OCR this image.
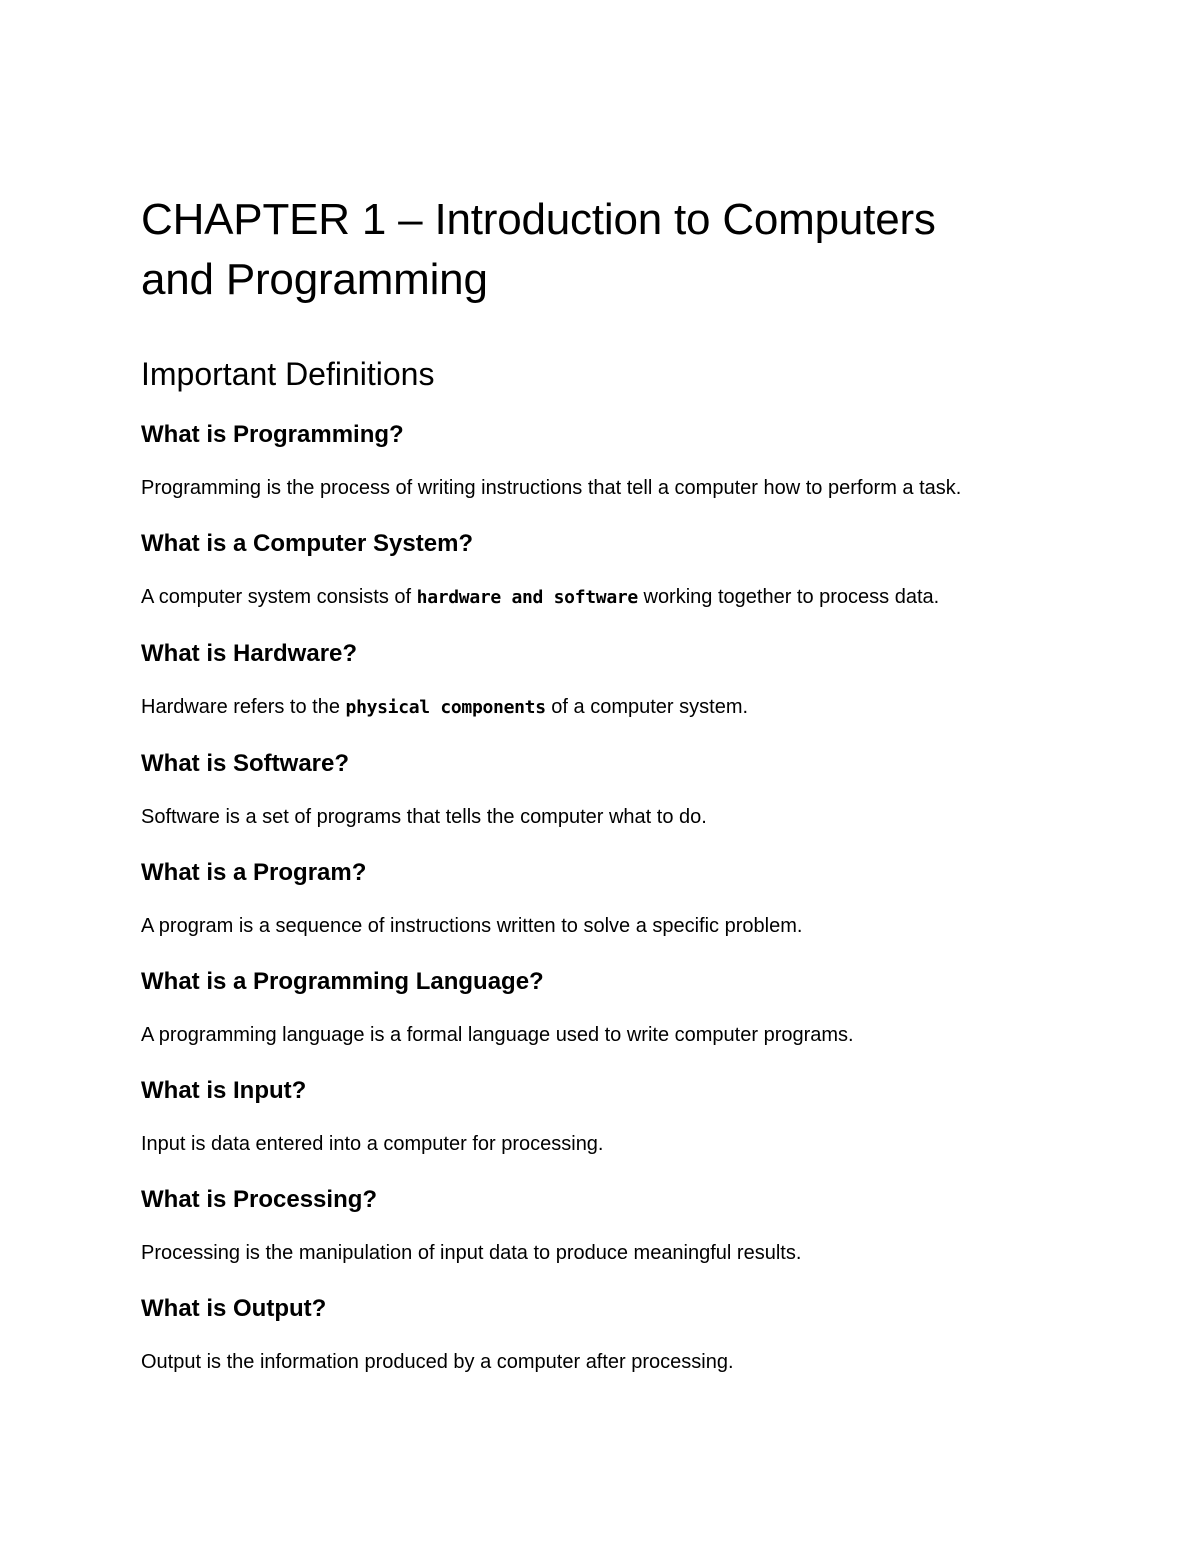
CHAPTER 1 – Introduction to Computers
and Programming
Important Definitions
What is Programming?

Programming is the process of writing instructions that tell a computer how to perform a task.

What is a Computer System?

A computer system consists of hardware and software working together to process data.

What is Hardware?

Hardware refers to the physical components of a computer system.

What is Software?

Software is a set of programs that tells the computer what to do.

What is a Program?

A program is a sequence of instructions written to solve a specific problem.

What is a Programming Language?

A programming language is a formal language used to write computer programs.

What is Input?

Input is data entered into a computer for processing.

What is Processing?

Processing is the manipulation of input data to produce meaningful results.

What is Output?

Output is the information produced by a computer after processing.
